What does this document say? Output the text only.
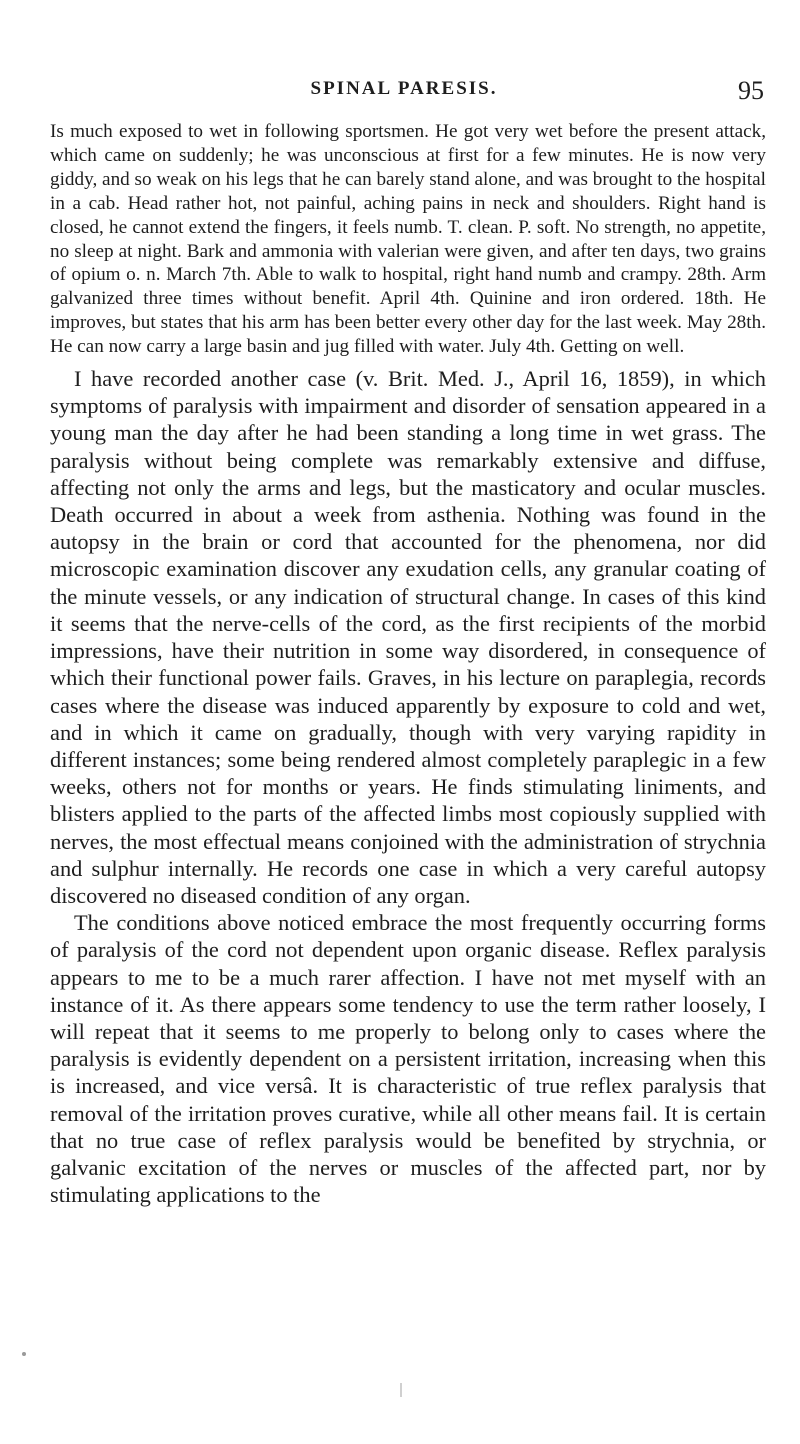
SPINAL PARESIS.	95

Is much exposed to wet in following sportsmen. He got very wet before the present attack, which came on suddenly; he was unconscious at first for a few minutes. He is now very giddy, and so weak on his legs that he can barely stand alone, and was brought to the hospital in a cab. Head rather hot, not painful, aching pains in neck and shoulders. Right hand is closed, he cannot extend the fingers, it feels numb. T. clean. P. soft. No strength, no appetite, no sleep at night. Bark and ammonia with valerian were given, and after ten days, two grains of opium o. n. March 7th. Able to walk to hospital, right hand numb and crampy. 28th. Arm galvanized three times without benefit. April 4th. Quinine and iron ordered. 18th. He improves, but states that his arm has been better every other day for the last week. May 28th. He can now carry a large basin and jug filled with water. July 4th. Getting on well.

I have recorded another case (v. Brit. Med. J., April 16, 1859), in which symptoms of paralysis with impairment and disorder of sensation appeared in a young man the day after he had been standing a long time in wet grass. The paralysis without being complete was remarkably extensive and diffuse, affecting not only the arms and legs, but the masticatory and ocular muscles. Death occurred in about a week from asthenia. Nothing was found in the autopsy in the brain or cord that accounted for the phenomena, nor did microscopic examination discover any exudation cells, any granular coating of the minute vessels, or any indication of structural change. In cases of this kind it seems that the nerve-cells of the cord, as the first recipients of the morbid impressions, have their nutrition in some way disordered, in consequence of which their functional power fails. Graves, in his lecture on paraplegia, records cases where the disease was induced apparently by exposure to cold and wet, and in which it came on gradually, though with very varying rapidity in different instances; some being rendered almost completely paraplegic in a few weeks, others not for months or years. He finds stimulating liniments, and blisters applied to the parts of the affected limbs most copiously supplied with nerves, the most effectual means conjoined with the administration of strychnia and sulphur internally. He records one case in which a very careful autopsy discovered no diseased condition of any organ.

The conditions above noticed embrace the most frequently occurring forms of paralysis of the cord not dependent upon organic disease. Reflex paralysis appears to me to be a much rarer affection. I have not met myself with an instance of it. As there appears some tendency to use the term rather loosely, I will repeat that it seems to me properly to belong only to cases where the paralysis is evidently dependent on a persistent irritation, increasing when this is increased, and vice versâ. It is characteristic of true reflex paralysis that removal of the irritation proves curative, while all other means fail. It is certain that no true case of reflex paralysis would be benefited by strychnia, or galvanic excitation of the nerves or muscles of the affected part, nor by stimulating applications to the
